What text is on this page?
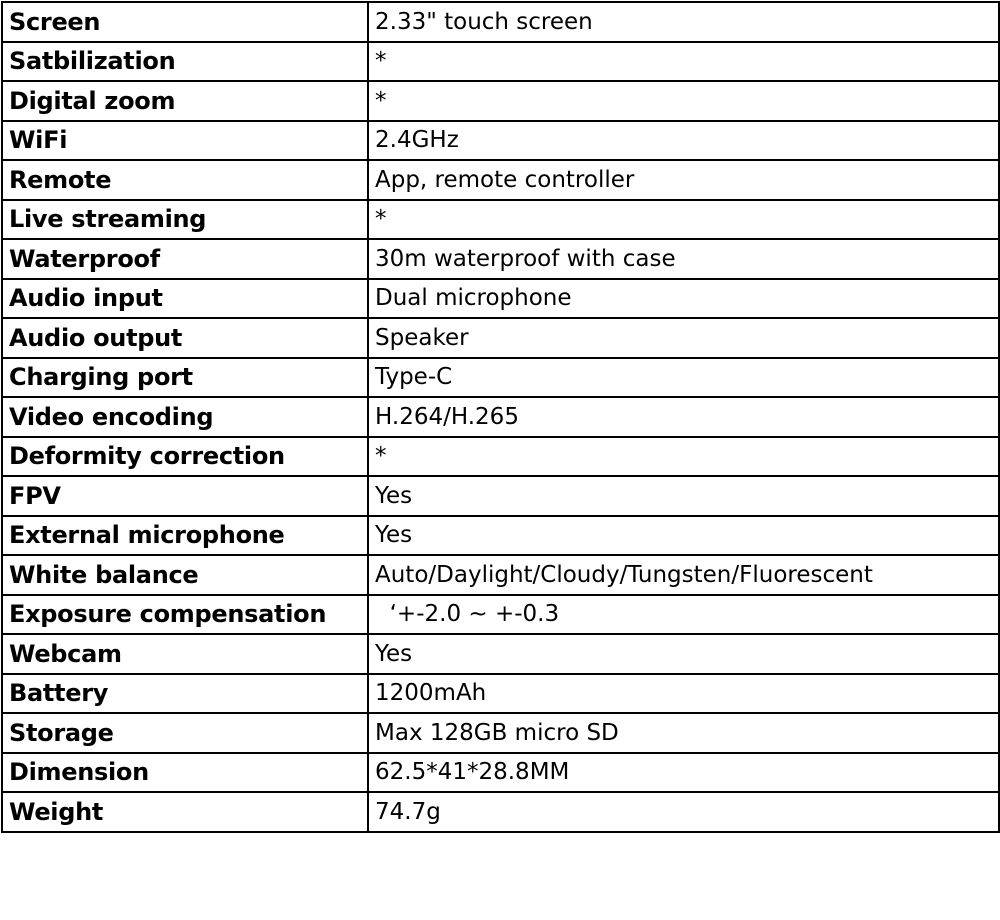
Screen	2.33" touch screen
Satbilization	*
Digital zoom	*
WiFi	2.4GHz
Remote	App, remote controller
Live streaming	*
Waterproof	30m waterproof with case
Audio input	Dual microphone
Audio output	Speaker
Charging port	Type-C
Video encoding	H.264/H.265
Deformity correction	*
FPV	Yes
External microphone	Yes
White balance	Auto/Daylight/Cloudy/Tungsten/Fluorescent
Exposure compensation	‘+-2.0 ~ +-0.3
Webcam	Yes
Battery	1200mAh
Storage	Max 128GB micro SD
Dimension	62.5*41*28.8MM
Weight	74.7g
